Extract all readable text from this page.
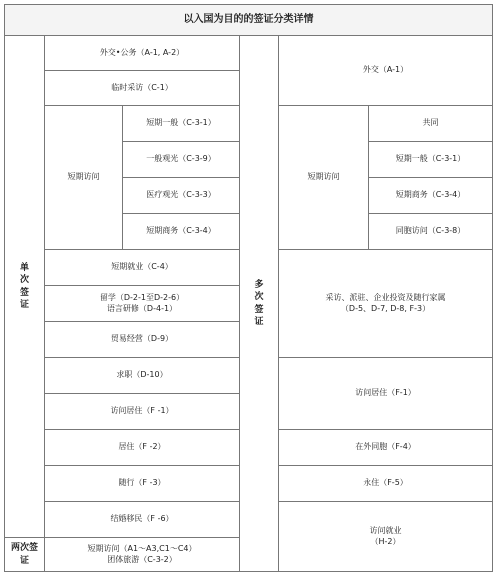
以入国为目的的签证分类详情					
单次签证	外交•公务（A-1, A-2）		多次签证	外交（A-1）	
	临时采访（C-1）				
	短期访问	短期一般（C-3-1）		短期访问	共同
		一般观光（C-3-9）			短期一般（C-3-1）
		医疗观光（C-3-3）			短期商务（C-3-4）
		短期商务（C-3-4）			同胞访问（C-3-8）
	短期就业（C-4）			采访、派驻、企业投资及随行家属
（D-5、D-7, D-8, F-3）	

	留学（D-2-1至D-2-6）
语言研修（D-4-1）				

	贸易经营（D-9）				
	求职（D-10）			访问居住（F-1）	
	访问居住（F -1）				
	居住（F -2）			在外同胞（F-4）	
	随行（F -3）			永住（F-5）	
	结婚移民（F -6）			访问就业
（H-2）	

两次签证	短期访问（A1～A3,C1～C4）
团体旅游（C-3-2）				
